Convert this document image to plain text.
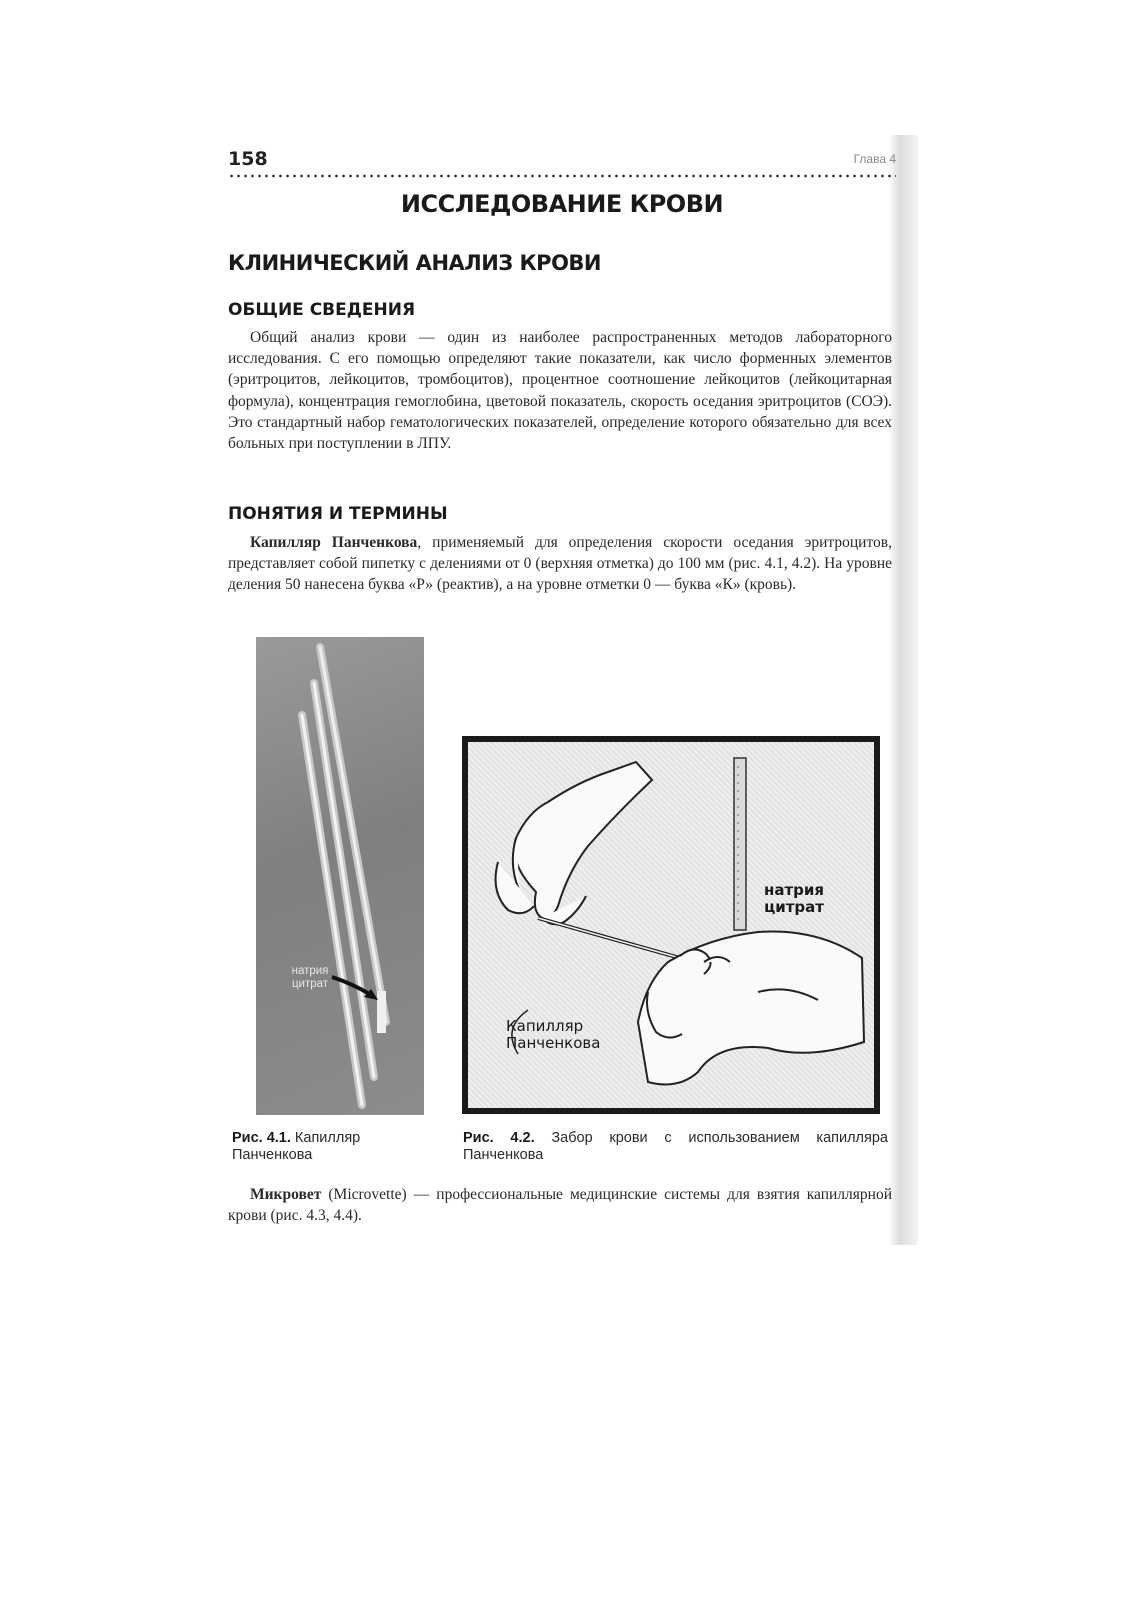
158	Глава 4
ИССЛЕДОВАНИЕ КРОВИ
КЛИНИЧЕСКИЙ АНАЛИЗ КРОВИ
ОБЩИЕ СВЕДЕНИЯ

Общий анализ крови — один из наиболее распространенных методов лабораторного исследования. С его помощью определяют такие показатели, как число форменных элементов (эритроцитов, лейкоцитов, тромбоцитов), процентное соотношение лейкоцитов (лейкоцитарная формула), концентрация гемоглобина, цветовой показатель, скорость оседания эритроцитов (СОЭ). Это стандартный набор гематологических показателей, определение которого обязательно для всех больных при поступлении в ЛПУ.

ПОНЯТИЯ И ТЕРМИНЫ

Капилляр Панченкова, применяемый для определения скорости оседания эритроцитов, представляет собой пипетку с делениями от 0 (верхняя отметка) до 100 мм (рис. 4.1, 4.2). На уровне деления 50 нанесена буква «Р» (реактив), а на уровне отметки 0 — буква «К» (кровь).

натрия
цитрат
натрия
цитрат
Капилляр
Панченкова

Рис. 4.1. Капилляр Панченкова

Рис. 4.2. Забор крови с использованием капилляра Панченкова

Микровет (Microvette) — профессиональные медицинские системы для взятия капиллярной крови (рис. 4.3, 4.4).
